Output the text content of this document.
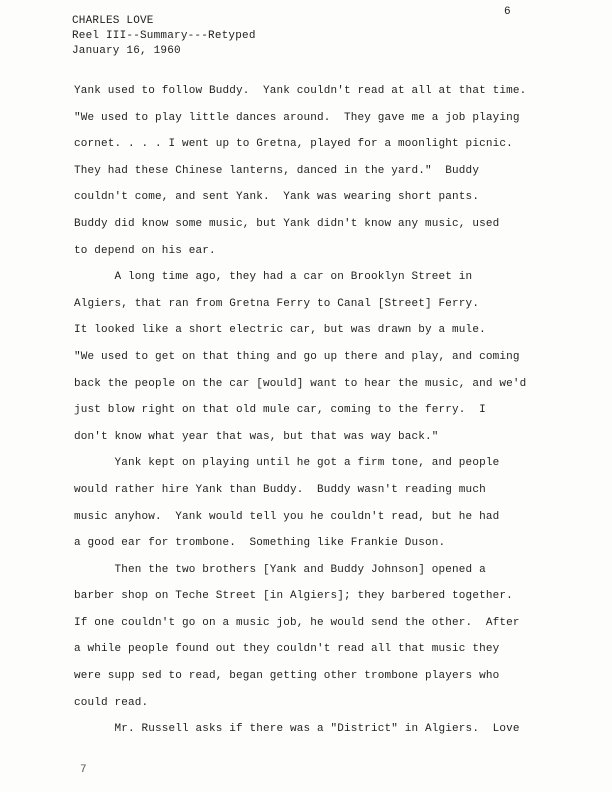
CHARLES LOVE
Reel III--Summary---Retyped
January 16, 1960
6
Yank used to follow Buddy.  Yank couldn't read at all at that time.
"We used to play little dances around.  They gave me a job playing
cornet. . . . I went up to Gretna, played for a moonlight picnic.
They had these Chinese lanterns, danced in the yard."  Buddy
couldn't come, and sent Yank.  Yank was wearing short pants.
Buddy did know some music, but Yank didn't know any music, used
to depend on his ear.
A long time ago, they had a car on Brooklyn Street in
Algiers, that ran from Gretna Ferry to Canal [Street] Ferry.
It looked like a short electric car, but was drawn by a mule.
"We used to get on that thing and go up there and play, and coming
back the people on the car [would] want to hear the music, and we'd
just blow right on that old mule car, coming to the ferry.  I
don't know what year that was, but that was way back."
Yank kept on playing until he got a firm tone, and people
would rather hire Yank than Buddy.  Buddy wasn't reading much
music anyhow.  Yank would tell you he couldn't read, but he had
a good ear for trombone.  Something like Frankie Duson.
Then the two brothers [Yank and Buddy Johnson] opened a
barber shop on Teche Street [in Algiers]; they barbered together.
If one couldn't go on a music job, he would send the other.  After
a while people found out they couldn't read all that music they
were supp sed to read, began getting other trombone players who
could read.
Mr. Russell asks if there was a "District" in Algiers.  Love
7
